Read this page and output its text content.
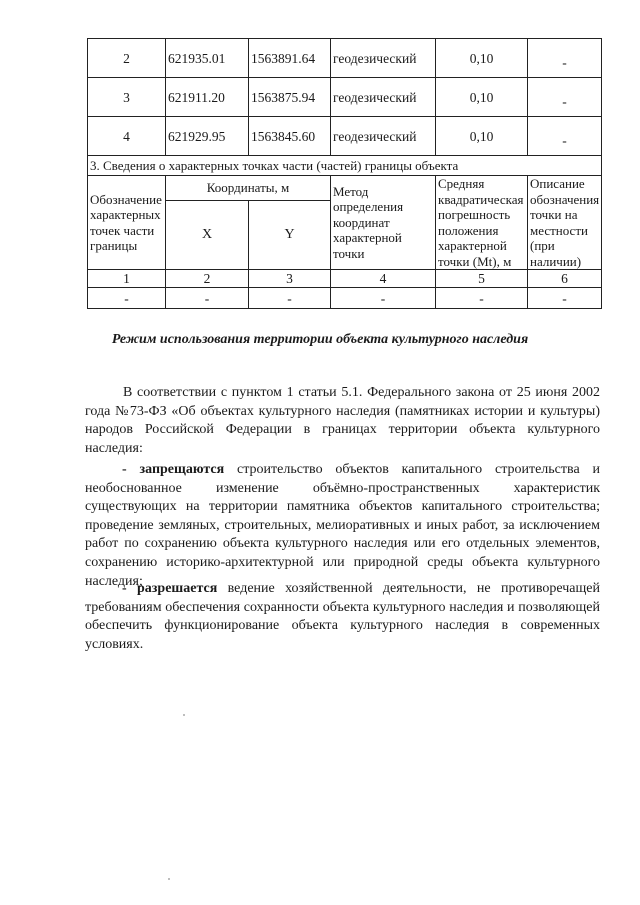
2	621935.01	1563891.64	геодезический	0,10	-
3	621911.20	1563875.94	геодезический	0,10	-
4	621929.95	1563845.60	геодезический	0,10	-
3. Сведения о характерных точках части (частей) границы объекта					
Обозначение характерных точек части границы	Координаты, м		Метод определения координат характерной точки	Средняя квадратическая погрешность положения характерной точки (Mt), м	Описание обозначения точки на местности (при наличии)
	X	Y			
1	2	3	4	5	6
-	-	-	-	-	-
Режим использования территории объекта культурного наследия

В соответствии с пунктом 1 статьи 5.1. Федерального закона от 25 июня 2002 года №73-ФЗ «Об объектах культурного наследия (памятниках истории и культуры) народов Российской Федерации в границах территории объекта культурного наследия:

- запрещаются строительство объектов капитального строительства и необоснованное изменение объёмно-пространственных характеристик существующих на территории памятника объектов капитального строительства; проведение земляных, строительных, мелиоративных и иных работ, за исключением работ по сохранению объекта культурного наследия или его отдельных элементов, сохранению историко-архитектурной или природной среды объекта культурного наследия;

- разрешается ведение хозяйственной деятельности, не противоречащей требованиям обеспечения сохранности объекта культурного наследия и позволяющей обеспечить функционирование объекта культурного наследия в современных условиях.
